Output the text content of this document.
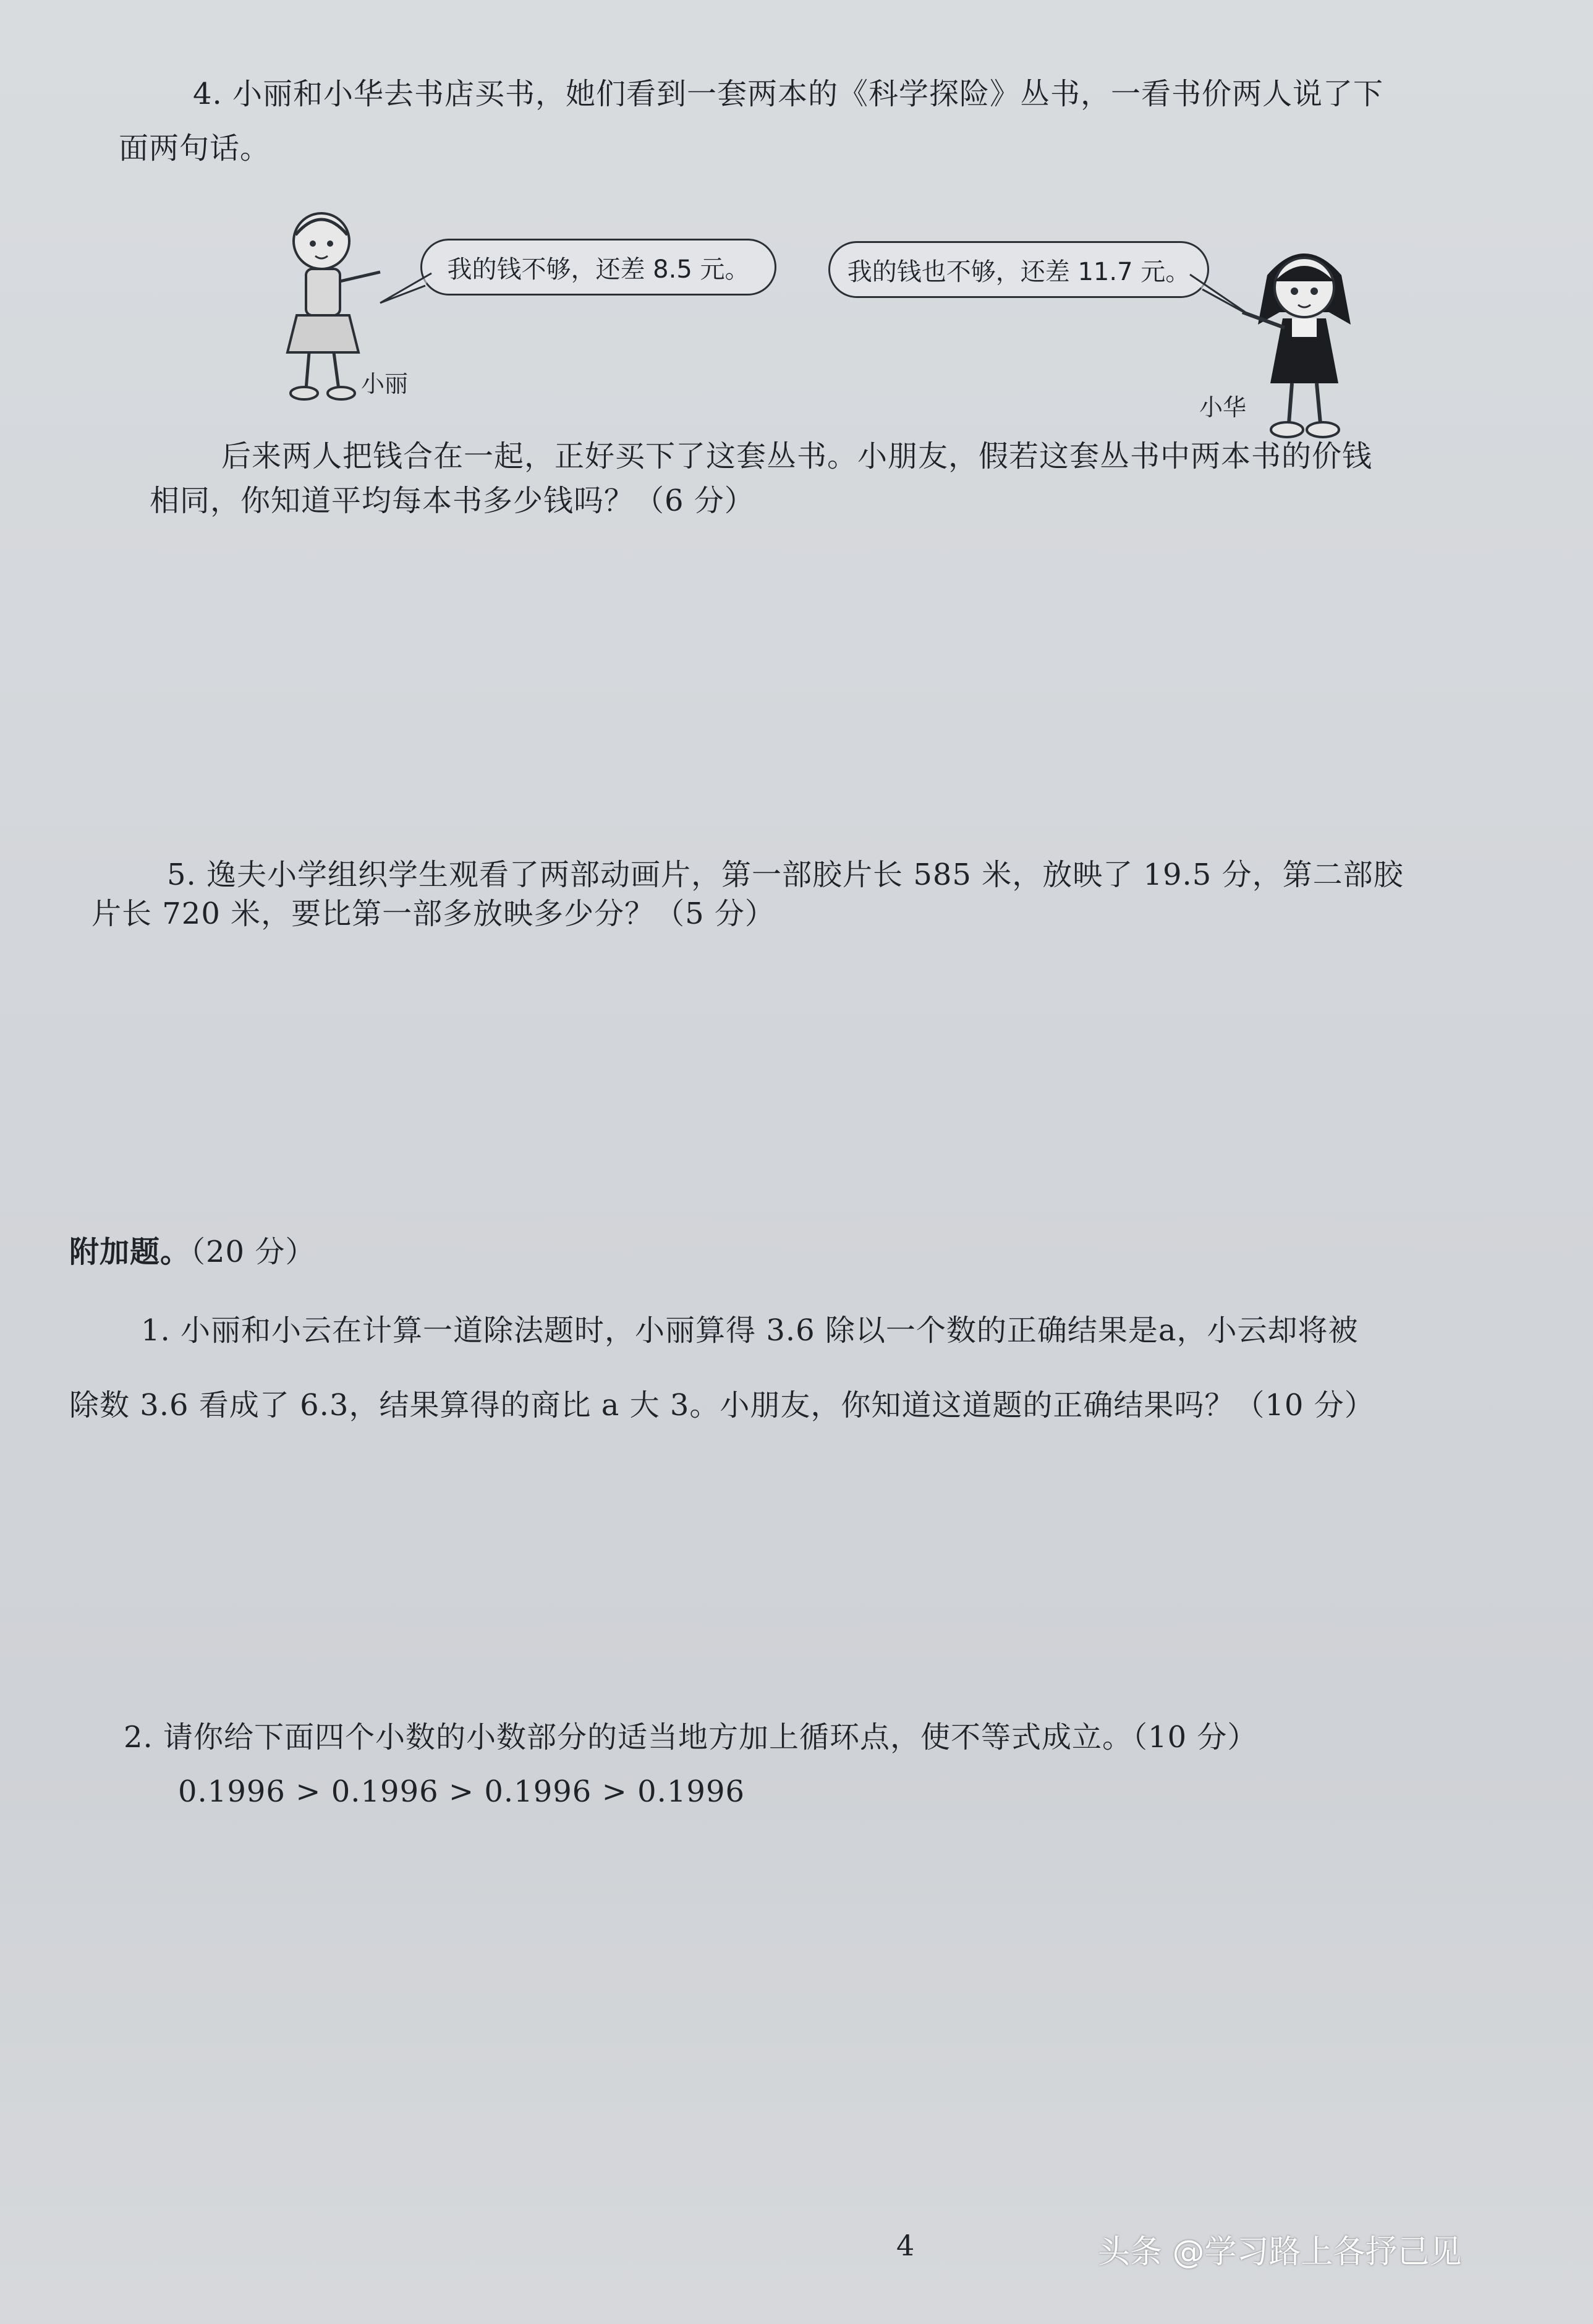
4. 小丽和小华去书店买书，她们看到一套两本的《科学探险》丛书，一看书价两人说了下
面两句话。
小丽
我的钱不够，还差 8.5 元。	我的钱也不够，还差 11.7 元。
小华
后来两人把钱合在一起，正好买下了这套丛书。小朋友，假若这套丛书中两本书的价钱
相同，你知道平均每本书多少钱吗？（6 分）
5. 逸夫小学组织学生观看了两部动画片，第一部胶片长 585 米，放映了 19.5 分，第二部胶
片长 720 米，要比第一部多放映多少分？（5 分）
附加题。（20 分）
1. 小丽和小云在计算一道除法题时，小丽算得 3.6 除以一个数的正确结果是a，小云却将被
除数 3.6 看成了 6.3，结果算得的商比 a 大 3。小朋友，你知道这道题的正确结果吗？（10 分）
2. 请你给下面四个小数的小数部分的适当地方加上循环点，使不等式成立。（10 分）
0.1996 > 0.1996 > 0.1996 > 0.1996
4	头条 @学习路上各抒己见
